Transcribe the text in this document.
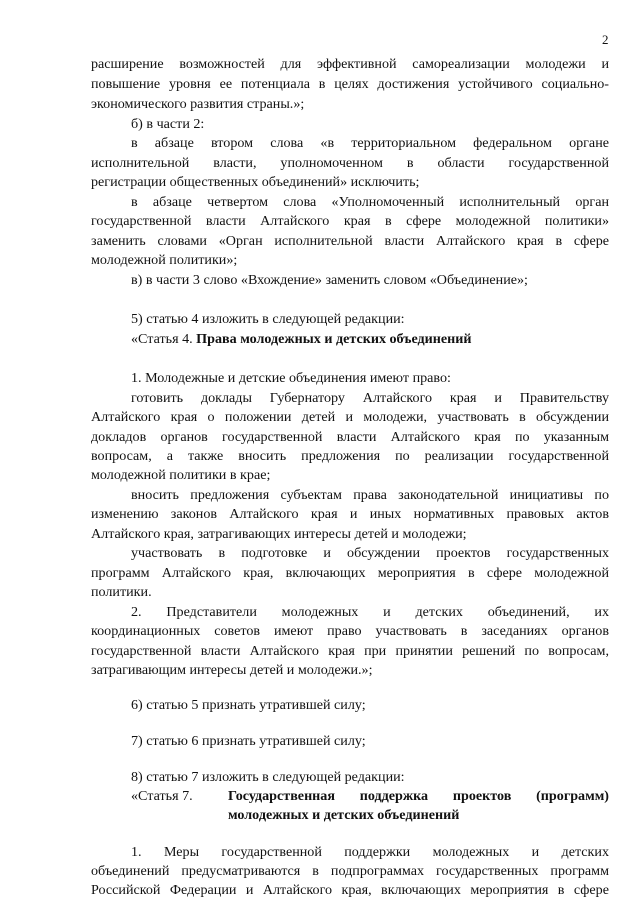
2
расширение возможностей для эффективной самореализации молодежи и
повышение уровня ее потенциала в целях достижения устойчивого социально-
экономического развития страны.»;
б) в части 2:
в абзаце втором слова «в территориальном федеральном органе
исполнительной власти, уполномоченном в области государственной
регистрации общественных объединений» исключить;
в абзаце четвертом слова «Уполномоченный исполнительный орган
государственной власти Алтайского края в сфере молодежной политики»
заменить словами «Орган исполнительной власти Алтайского края в сфере
молодежной политики»;
в) в части 3 слово «Вхождение» заменить словом «Объединение»;
5) статью 4 изложить в следующей редакции:
«Статья 4. Права молодежных и детских объединений
1. Молодежные и детские объединения имеют право:
готовить доклады Губернатору Алтайского края и Правительству
Алтайского края о положении детей и молодежи, участвовать в обсуждении
докладов органов государственной власти Алтайского края по указанным
вопросам, а также вносить предложения по реализации государственной
молодежной политики в крае;
вносить предложения субъектам права законодательной инициативы по
изменению законов Алтайского края и иных нормативных правовых актов
Алтайского края, затрагивающих интересы детей и молодежи;
участвовать в подготовке и обсуждении проектов государственных
программ Алтайского края, включающих мероприятия в сфере молодежной
политики.
2. Представители молодежных и детских объединений, их
координационных советов имеют право участвовать в заседаниях органов
государственной власти Алтайского края при принятии решений по вопросам,
затрагивающим интересы детей и молодежи.»;
6) статью 5 признать утратившей силу;
7) статью 6 признать утратившей силу;
8) статью 7 изложить в следующей редакции:
«Статья 7.	Государственная поддержка проектов (программ)
молодежных и детских объединений
1. Меры государственной поддержки молодежных и детских
объединений предусматриваются в подпрограммах государственных программ
Российской Федерации и Алтайского края, включающих мероприятия в сфере
